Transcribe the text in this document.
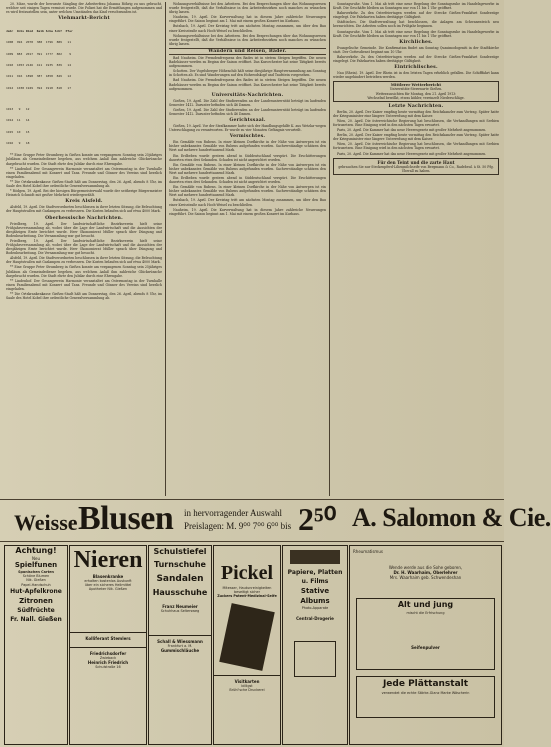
20. März, wurde der bewusste Sängling der Arbeiterfrau Johanna Röhrig zu uns gebracht, welcher seit einigen Tagen vermisst wurde. Die Polizei hat die Ermittlungen aufgenommen und es wird festzustellen sein, unter welchen Umständen das Kind verschwunden ist.

Viehmarkt-Bericht

Jahr  Ochs Rind  Kalb Schw Schf  Pfer

1908  994  2078  388  1796  889   11

1909  883  2017  391  1777  802    9

1910  1053 2146  411  1935  839   14

1911  916  1898  387  1858  849   12

1912  1038 1949  394  1918  818   17

1913   9   12

1914  11   14

1915  10   15

1916   9   18

** Eine Gruppe Peter Strumberg in Gießen konnte am vergangenen Sonntag sein 25jähriges Jubiläum als Gemeindediener begehen, aus welchem Anlaß ihm zahlreiche Glückwünsche dargebracht wurden. Die Stadt ehrte den Jubilar durch eine Ehrengabe.

** Lindenhof. Der Gesangverein Harmonie veranstaltet am Ostermontag in der Turnhalle einen Familienabend mit Konzert und Tanz. Freunde und Gönner des Vereins sind herzlich eingeladen.

** Die Ortskrankenkasse Gießen-Stadt hält am Donnerstag, den 26. April, abends 8 Uhr, im Saale des Hotel Kobel ihre ordentliche Generalversammlung ab.

* Rödgen, 19. April. Bei der hiesigen Bürgermeisterwahl wurde der seitherige Bürgermeister Heinrich Schmidt mit großer Mehrheit wiedergewählt.

Kreis Alsfeld.

Alsfeld, 19. April. Die Stadtverordneten beschlossen in ihrer letzten Sitzung, die Beleuchtung der Hauptstraßen mit Gaslampen zu verbessern. Die Kosten belaufen sich auf etwa 4000 Mark.

Oberhessische Nachrichten.

Friedberg, 19. April. Der landwirtschaftliche Bezirksverein hielt seine Frühjahrsversammlung ab, wobei über die Lage der Landwirtschaft und die Aussichten der diesjährigen Ernte berichtet wurde. Herr Ökonomierat Müller sprach über Düngung und Bodenbearbeitung. Die Versammlung war gut besucht.

Friedberg, 19. April. Der landwirtschaftliche Bezirksverein hielt seine Frühjahrsversammlung ab, wobei über die Lage der Landwirtschaft und die Aussichten der diesjährigen Ernte berichtet wurde. Herr Ökonomierat Müller sprach über Düngung und Bodenbearbeitung. Die Versammlung war gut besucht.

Alsfeld, 19. April. Die Stadtverordneten beschlossen in ihrer letzten Sitzung, die Beleuchtung der Hauptstraßen mit Gaslampen zu verbessern. Die Kosten belaufen sich auf etwa 4000 Mark.

** Eine Gruppe Peter Strumberg in Gießen konnte am vergangenen Sonntag sein 25jähriges Jubiläum als Gemeindediener begehen, aus welchem Anlaß ihm zahlreiche Glückwünsche dargebracht wurden. Die Stadt ehrte den Jubilar durch eine Ehrengabe.

** Lindenhof. Der Gesangverein Harmonie veranstaltet am Ostermontag in der Turnhalle einen Familienabend mit Konzert und Tanz. Freunde und Gönner des Vereins sind herzlich eingeladen.

** Die Ortskrankenkasse Gießen-Stadt hält am Donnerstag, den 26. April, abends 8 Uhr, im Saale des Hotel Kobel ihre ordentliche Generalversammlung ab.

Wohnungsverhältnisse bei den Arbeitern. Bei den Besprechungen über das Wohnungswesen wurde festgestellt, daß die Verhältnisse in den Arbeiterbezirken noch manches zu wünschen übrig lassen.

Nauheim, 19. April. Die Kurverwaltung hat in diesem Jahre zahlreiche Neuerungen eingeführt. Die Saison beginnt am 1. Mai mit einem großen Konzert im Kurhaus.

Butzbach, 19. April. Der Kreistag tritt am nächsten Montag zusammen, um über den Bau einer Kreisstraße nach Hoch-Weisel zu beschließen.

Wohnungsverhältnisse bei den Arbeitern. Bei den Besprechungen über das Wohnungswesen wurde festgestellt, daß die Verhältnisse in den Arbeiterbezirken noch manches zu wünschen übrig lassen.

Wandern und Reisen, Bäder.

Bad Nauheim. Die Fremdenfrequenz des Bades ist in stetem Steigen begriffen. Die neuen Badehäuser werden zu Beginn der Saison eröffnet. Das Kurorchester hat seine Tätigkeit bereits aufgenommen.

Schotten. Der Vogelsberger Höhenclub hält seine diesjährige Hauptversammlung am Sonntag in Schotten ab. Es sind Wanderungen auf den Hoherodskopf und Taufstein vorgesehen.

Bad Nauheim. Die Fremdenfrequenz des Bades ist in stetem Steigen begriffen. Die neuen Badehäuser werden zu Beginn der Saison eröffnet. Das Kurorchester hat seine Tätigkeit bereits aufgenommen.

Universitäts-Nachrichten.

Gießen, 19. April. Die Zahl der Studierenden an der Landesuniversität beträgt im laufenden Semester 1412. Darunter befinden sich 46 Damen.

Gießen, 19. April. Die Zahl der Studierenden an der Landesuniversität beträgt im laufenden Semester 1412. Darunter befinden sich 46 Damen.

Gerichtssaal.

Gießen, 19. April. Vor der Strafkammer hatte sich der Handlungsgehilfe K. aus Wetzlar wegen Unterschlagung zu verantworten. Er wurde zu vier Monaten Gefängnis verurteilt.

Vermischtes.

Ein Gemälde von Rubens. In einer kleinen Dorfkirche in der Nähe von Antwerpen ist ein bisher unbekanntes Gemälde von Rubens aufgefunden worden. Sachverständige schätzen den Wert auf mehrere hunderttausend Mark.

Ein Erdbeben wurde gestern abend in Süddeutschland verspürt. Die Erschütterungen dauerten etwa drei Sekunden. Schaden ist nicht angerichtet worden.

Ein Gemälde von Rubens. In einer kleinen Dorfkirche in der Nähe von Antwerpen ist ein bisher unbekanntes Gemälde von Rubens aufgefunden worden. Sachverständige schätzen den Wert auf mehrere hunderttausend Mark.

Ein Erdbeben wurde gestern abend in Süddeutschland verspürt. Die Erschütterungen dauerten etwa drei Sekunden. Schaden ist nicht angerichtet worden.

Ein Gemälde von Rubens. In einer kleinen Dorfkirche in der Nähe von Antwerpen ist ein bisher unbekanntes Gemälde von Rubens aufgefunden worden. Sachverständige schätzen den Wert auf mehrere hunderttausend Mark.

Butzbach, 19. April. Der Kreistag tritt am nächsten Montag zusammen, um über den Bau einer Kreisstraße nach Hoch-Weisel zu beschließen.

Nauheim, 19. April. Die Kurverwaltung hat in diesem Jahre zahlreiche Neuerungen eingeführt. Die Saison beginnt am 1. Mai mit einem großen Konzert im Kurhaus.

Sonntagsruhe. Vom 1. Mai ab tritt eine neue Regelung der Sonntagsruhe im Handelsgewerbe in Kraft. Die Geschäfte bleiben an Sonntagen nur von 11 bis 1 Uhr geöffnet.

Bahnverkehr. Zu den Osterfeiertagen werden auf der Strecke Gießen-Frankfurt Sonderzüge eingelegt. Die Fahrkarten haben dreitägige Gültigkeit.

Städtisches. Die Stadtverwaltung hat beschlossen, die Anlagen am Schwanenteich neu herzurichten. Die Arbeiten sollen noch im Frühjahr beginnen.

Sonntagsruhe. Vom 1. Mai ab tritt eine neue Regelung der Sonntagsruhe im Handelsgewerbe in Kraft. Die Geschäfte bleiben an Sonntagen nur von 11 bis 1 Uhr geöffnet.

Kirchliches.

Evangelische Gemeinde. Die Konfirmation findet am Sonntag Quasimodogeniti in der Stadtkirche statt. Der Gottesdienst beginnt um 10 Uhr.

Bahnverkehr. Zu den Osterfeiertagen werden auf der Strecke Gießen-Frankfurt Sonderzüge eingelegt. Die Fahrkarten haben dreitägige Gültigkeit.

Eintrichlisches.

Nau (Rhein). 19. April. Der Rhein ist in den letzten Tagen erheblich gefallen. Die Schifffahrt kann wieder ungehindert betrieben werden.

Mittlerer Wetterbericht
Universitäts-Sternwarte Gießen.
Wetteraussichten für Montag, den 21. April 1913:
Wechselnd bewölkt, etwas kühler, vereinzelt Niederschläge.
Letzte Nachrichten.

Berlin, 20. April. Der Kaiser empfing heute vormittag den Reichskanzler zum Vortrag. Später hatte der Kriegsminister eine längere Unterredung mit dem Kaiser.

Wien, 20. April. Die österreichische Regierung hat beschlossen, die Verhandlungen mit Serbien fortzusetzen. Eine Einigung wird in den nächsten Tagen erwartet.

Paris, 20. April. Die Kammer hat das neue Heeresgesetz mit großer Mehrheit angenommen.

Berlin, 20. April. Der Kaiser empfing heute vormittag den Reichskanzler zum Vortrag. Später hatte der Kriegsminister eine längere Unterredung mit dem Kaiser.

Wien, 20. April. Die österreichische Regierung hat beschlossen, die Verhandlungen mit Serbien fortzusetzen. Eine Einigung wird in den nächsten Tagen erwartet.

Paris, 20. April. Die Kammer hat das neue Heeresgesetz mit großer Mehrheit angenommen.

Für den Teint und die zarte Haut
gebrauchen Sie nur Steckenpferd-Lilienmilchseife von Bergmann & Co., Radebeul. à St. 50 Pfg. Überall zu haben.
Weisse Blusen in hervorragender Auswahl
Preislagen: M. 9⁰⁰ 7⁰⁰ 6⁰⁰ bis 2⁵⁰ A. Salomon & Cie.
Achtung!
Neu
Spielfunen
Spanischen Carten
Schöne Blumen
Nik. Gießen
Papel-Handschuh
Hut-Apfelkrone
Zitronen
Südfrüchte
Fr. Nall. Gießen
Nieren
Blasenkranke
erhalten kostenlos Auskunft
über ein sicheres Heilmittel
Apotheker Nik. Gießen
Kolliferant Stemlers
Friedrichsdorfer
Zwieback
Heinrich Friedrich
Schulstraße 16
Schulstiefel
Turnschuhe
Sandalen
Hausschuhe
Franz Neumeier
Schuhhaus Seltersweg
Schall & Wiessmann
Frankfurt a. M.
Gummischläuche
Pickel
Mitesser, Hautunreinigkeiten
beseitigt sicher
Zuckers Patent-Medizinal-Seife
Visitkarten
billigst
Brühl'sche Druckerei
Papiere, Platten
u. Films
Stative
Albums
Photo-Apparate
Central-Drogerie
Rheumatismus
Wende werde aus die Sohe geboren,
Dr. H. Waarhaim, Oberlehrer
Mrs. Waarhaim geb. Schwendeshan
Alt und jung
mischt die Erfrischung
Seifenpulver
Jede Plättanstalt
verwendet die echte Stärke-Glanz Marke Wäscherin
